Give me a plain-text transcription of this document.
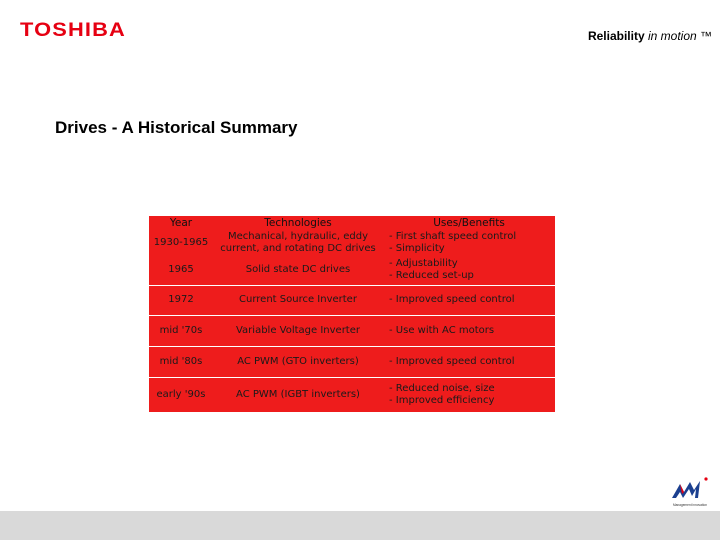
TOSHIBA	Reliability in motion ™
Drives - A Historical Summary
Year	Technologies	Uses/Benefits
1930-1965	Mechanical, hydraulic, eddy current, and rotating DC drives	- First shaft speed control
- Simplicity
1965	Solid state DC drives	- Adjustability
- Reduced set-up
1972	Current Source Inverter	- Improved speed control
mid '70s	Variable Voltage Inverter	- Use with AC motors
mid '80s	AC PWM (GTO inverters)	- Improved speed control
early '90s	AC PWM (IGBT inverters)	- Reduced noise, size
- Improved efficiency
Management innovation
